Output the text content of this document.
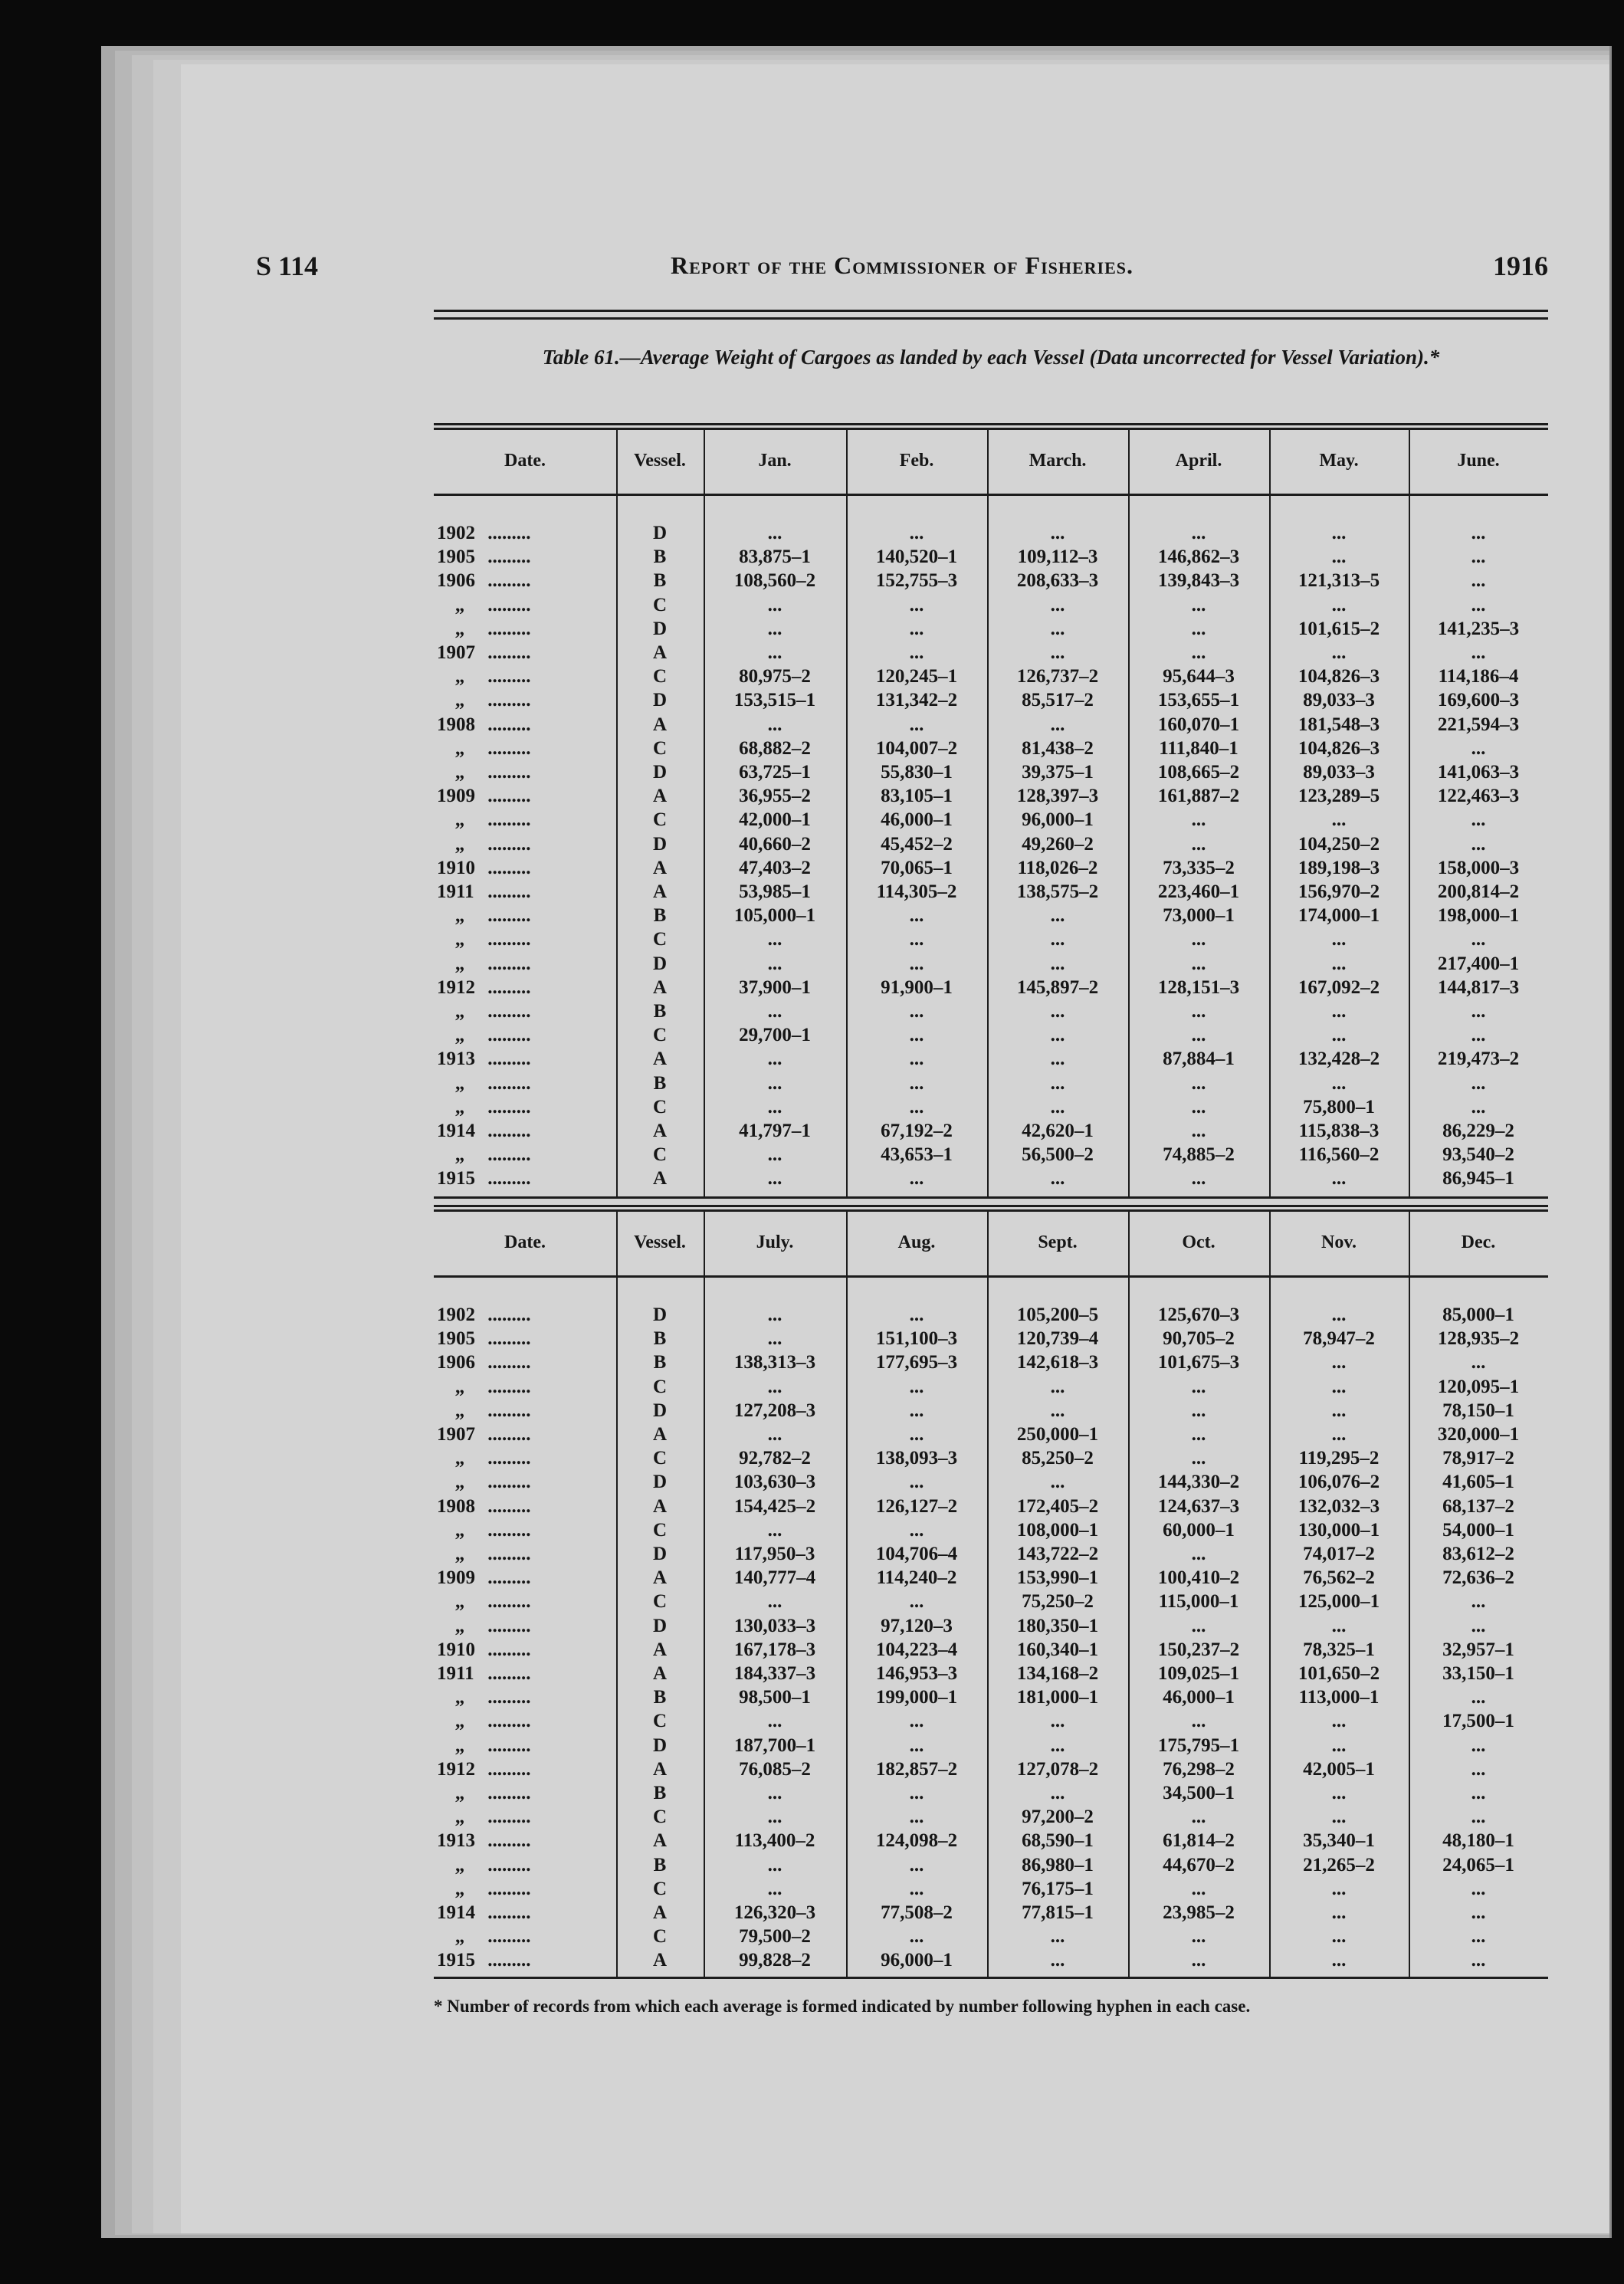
S 114	Report of the Commissioner of Fisheries.	1916
Table 61.—Average Weight of Cargoes as landed by each Vessel (Data uncorrected for Vessel Variation).*
Date.	Vessel.	Jan.	Feb.	March.	April.	May.	June.
1902 .........	D	...	...	...	...	...	...
1905 .........	B	83,875–1	140,520–1	109,112–3	146,862–3	...	...
1906 .........	B	108,560–2	152,755–3	208,633–3	139,843–3	121,313–5	...
„ .........	C	...	...	...	...	...	...
„ .........	D	...	...	...	...	101,615–2	141,235–3
1907 .........	A	...	...	...	...	...	...
„ .........	C	80,975–2	120,245–1	126,737–2	95,644–3	104,826–3	114,186–4
„ .........	D	153,515–1	131,342–2	85,517–2	153,655–1	89,033–3	169,600–3
1908 .........	A	...	...	...	160,070–1	181,548–3	221,594–3
„ .........	C	68,882–2	104,007–2	81,438–2	111,840–1	104,826–3	...
„ .........	D	63,725–1	55,830–1	39,375–1	108,665–2	89,033–3	141,063–3
1909 .........	A	36,955–2	83,105–1	128,397–3	161,887–2	123,289–5	122,463–3
„ .........	C	42,000–1	46,000–1	96,000–1	...	...	...
„ .........	D	40,660–2	45,452–2	49,260–2	...	104,250–2	...
1910 .........	A	47,403–2	70,065–1	118,026–2	73,335–2	189,198–3	158,000–3
1911 .........	A	53,985–1	114,305–2	138,575–2	223,460–1	156,970–2	200,814–2
„ .........	B	105,000–1	...	...	73,000–1	174,000–1	198,000–1
„ .........	C	...	...	...	...	...	...
„ .........	D	...	...	...	...	...	217,400–1
1912 .........	A	37,900–1	91,900–1	145,897–2	128,151–3	167,092–2	144,817–3
„ .........	B	...	...	...	...	...	...
„ .........	C	29,700–1	...	...	...	...	...
1913 .........	A	...	...	...	87,884–1	132,428–2	219,473–2
„ .........	B	...	...	...	...	...	...
„ .........	C	...	...	...	...	75,800–1	...
1914 .........	A	41,797–1	67,192–2	42,620–1	...	115,838–3	86,229–2
„ .........	C	...	43,653–1	56,500–2	74,885–2	116,560–2	93,540–2
1915 .........	A	...	...	...	...	...	86,945–1
Date.	Vessel.	July.	Aug.	Sept.	Oct.	Nov.	Dec.
1902 .........	D	...	...	105,200–5	125,670–3	...	85,000–1
1905 .........	B	...	151,100–3	120,739–4	90,705–2	78,947–2	128,935–2
1906 .........	B	138,313–3	177,695–3	142,618–3	101,675–3	...	...
„ .........	C	...	...	...	...	...	120,095–1
„ .........	D	127,208–3	...	...	...	...	78,150–1
1907 .........	A	...	...	250,000–1	...	...	320,000–1
„ .........	C	92,782–2	138,093–3	85,250–2	...	119,295–2	78,917–2
„ .........	D	103,630–3	...	...	144,330–2	106,076–2	41,605–1
1908 .........	A	154,425–2	126,127–2	172,405–2	124,637–3	132,032–3	68,137–2
„ .........	C	...	...	108,000–1	60,000–1	130,000–1	54,000–1
„ .........	D	117,950–3	104,706–4	143,722–2	...	74,017–2	83,612–2
1909 .........	A	140,777–4	114,240–2	153,990–1	100,410–2	76,562–2	72,636–2
„ .........	C	...	...	75,250–2	115,000–1	125,000–1	...
„ .........	D	130,033–3	97,120–3	180,350–1	...	...	...
1910 .........	A	167,178–3	104,223–4	160,340–1	150,237–2	78,325–1	32,957–1
1911 .........	A	184,337–3	146,953–3	134,168–2	109,025–1	101,650–2	33,150–1
„ .........	B	98,500–1	199,000–1	181,000–1	46,000–1	113,000–1	...
„ .........	C	...	...	...	...	...	17,500–1
„ .........	D	187,700–1	...	...	175,795–1	...	...
1912 .........	A	76,085–2	182,857–2	127,078–2	76,298–2	42,005–1	...
„ .........	B	...	...	...	34,500–1	...	...
„ .........	C	...	...	97,200–2	...	...	...
1913 .........	A	113,400–2	124,098–2	68,590–1	61,814–2	35,340–1	48,180–1
„ .........	B	...	...	86,980–1	44,670–2	21,265–2	24,065–1
„ .........	C	...	...	76,175–1	...	...	...
1914 .........	A	126,320–3	77,508–2	77,815–1	23,985–2	...	...
„ .........	C	79,500–2	...	...	...	...	...
1915 .........	A	99,828–2	96,000–1	...	...	...	...
* Number of records from which each average is formed indicated by number following hyphen in each case.
